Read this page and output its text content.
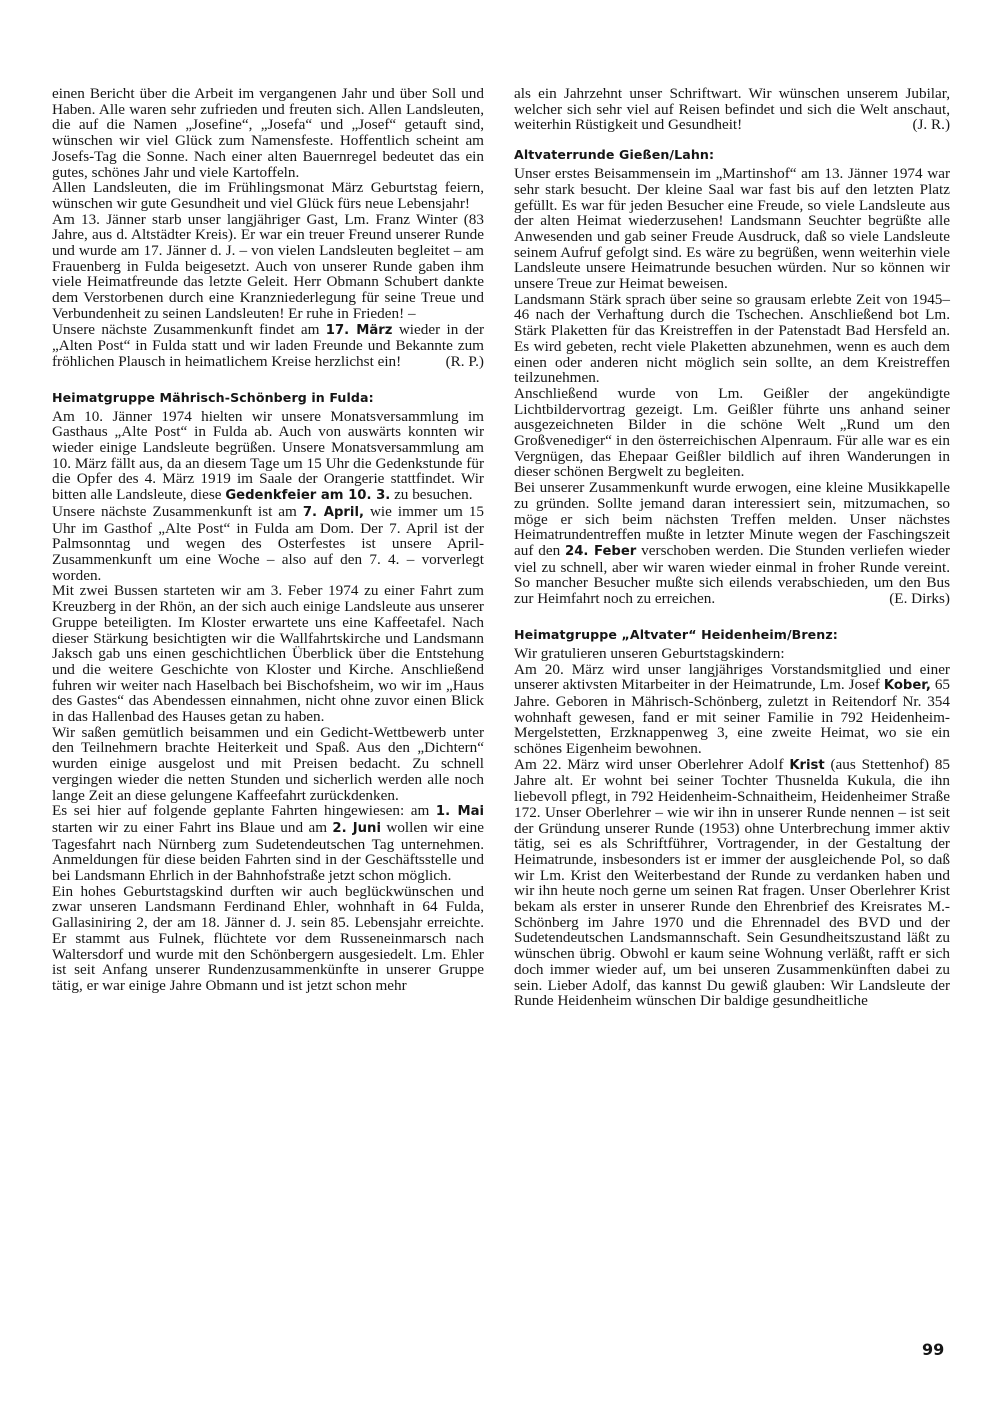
einen Bericht über die Arbeit im vergangenen Jahr und über Soll und Haben. Alle waren sehr zufrieden und freuten sich. Allen Landsleuten, die auf die Namen „Josefine“, „Josefa“ und „Josef“ getauft sind, wünschen wir viel Glück zum Namensfeste. Hoffentlich scheint am Josefs-Tag die Sonne. Nach einer alten Bauernregel bedeutet das ein gutes, schönes Jahr und viele Kartoffeln.

Allen Landsleuten, die im Frühlingsmonat März Geburtstag feiern, wünschen wir gute Gesundheit und viel Glück fürs neue Lebensjahr!

Am 13. Jänner starb unser langjähriger Gast, Lm. Franz Winter (83 Jahre, aus d. Altstädter Kreis). Er war ein treuer Freund unserer Runde und wurde am 17. Jänner d. J. – von vielen Landsleuten begleitet – am Frauenberg in Fulda beigesetzt. Auch von unserer Runde gaben ihm viele Heimatfreunde das letzte Geleit. Herr Obmann Schubert dankte dem Verstorbenen durch eine Kranzniederlegung für seine Treue und Verbundenheit zu seinen Landsleuten! Er ruhe in Frieden! –

Unsere nächste Zusammenkunft findet am 17. März wieder in der „Alten Post“ in Fulda statt und wir laden Freunde und Bekannte zum fröhlichen Plausch in heimatlichem Kreise herzlichst ein!	(R. P.)

Heimatgruppe Mährisch-Schönberg in Fulda:

Am 10. Jänner 1974 hielten wir unsere Monatsversammlung im Gasthaus „Alte Post“ in Fulda ab. Auch von auswärts konnten wir wieder einige Landsleute begrüßen. Unsere Monatsversammlung am 10. März fällt aus, da an diesem Tage um 15 Uhr die Gedenkstunde für die Opfer des 4. März 1919 im Saale der Orangerie stattfindet. Wir bitten alle Landsleute, diese Gedenkfeier am 10. 3. zu besuchen.

Unsere nächste Zusammenkunft ist am 7. April, wie immer um 15 Uhr im Gasthof „Alte Post“ in Fulda am Dom. Der 7. April ist der Palmsonntag und wegen des Osterfestes ist unsere April-Zusammenkunft um eine Woche – also auf den 7. 4. – vorverlegt worden.

Mit zwei Bussen starteten wir am 3. Feber 1974 zu einer Fahrt zum Kreuzberg in der Rhön, an der sich auch einige Landsleute aus unserer Gruppe beteiligten. Im Kloster erwartete uns eine Kaffeetafel. Nach dieser Stärkung besichtigten wir die Wallfahrtskirche und Landsmann Jaksch gab uns einen geschichtlichen Überblick über die Entstehung und die weitere Geschichte von Kloster und Kirche. Anschließend fuhren wir weiter nach Haselbach bei Bischofsheim, wo wir im „Haus des Gastes“ das Abendessen einnahmen, nicht ohne zuvor einen Blick in das Hallenbad des Hauses getan zu haben.

Wir saßen gemütlich beisammen und ein Gedicht-Wettbewerb unter den Teilnehmern brachte Heiterkeit und Spaß. Aus den „Dichtern“ wurden einige ausgelost und mit Preisen bedacht. Zu schnell vergingen wieder die netten Stunden und sicherlich werden alle noch lange Zeit an diese gelungene Kaffeefahrt zurückdenken.

Es sei hier auf folgende geplante Fahrten hingewiesen: am 1. Mai starten wir zu einer Fahrt ins Blaue und am 2. Juni wollen wir eine Tagesfahrt nach Nürnberg zum Sudetendeutschen Tag unternehmen. Anmeldungen für diese beiden Fahrten sind in der Geschäftsstelle und bei Landsmann Ehrlich in der Bahnhofstraße jetzt schon möglich.

Ein hohes Geburtstagskind durften wir auch beglückwünschen und zwar unseren Landsmann Ferdinand Ehler, wohnhaft in 64 Fulda, Gallasiniring 2, der am 18. Jänner d. J. sein 85. Lebensjahr erreichte. Er stammt aus Fulnek, flüchtete vor dem Russeneinmarsch nach Waltersdorf und wurde mit den Schönbergern ausgesiedelt. Lm. Ehler ist seit Anfang unserer Rundenzusammenkünfte in unserer Gruppe tätig, er war einige Jahre Obmann und ist jetzt schon mehr

als ein Jahrzehnt unser Schriftwart. Wir wünschen unserem Jubilar, welcher sich sehr viel auf Reisen befindet und sich die Welt anschaut, weiterhin Rüstigkeit und Gesundheit!	(J. R.)

Altvaterrunde Gießen/Lahn:

Unser erstes Beisammensein im „Martinshof“ am 13. Jänner 1974 war sehr stark besucht. Der kleine Saal war fast bis auf den letzten Platz gefüllt. Es war für jeden Besucher eine Freude, so viele Landsleute aus der alten Heimat wiederzusehen! Landsmann Seuchter begrüßte alle Anwesenden und gab seiner Freude Ausdruck, daß so viele Landsleute seinem Aufruf gefolgt sind. Es wäre zu begrüßen, wenn weiterhin viele Landsleute unsere Heimatrunde besuchen würden. Nur so können wir unsere Treue zur Heimat beweisen.

Landsmann Stärk sprach über seine so grausam erlebte Zeit von 1945–46 nach der Verhaftung durch die Tschechen. Anschließend bot Lm. Stärk Plaketten für das Kreistreffen in der Patenstadt Bad Hersfeld an. Es wird gebeten, recht viele Plaketten abzunehmen, wenn es auch dem einen oder anderen nicht möglich sein sollte, an dem Kreistreffen teilzunehmen.

Anschließend wurde von Lm. Geißler der angekündigte Lichtbildervortrag gezeigt. Lm. Geißler führte uns anhand seiner ausgezeichneten Bilder in die schöne Welt „Rund um den Großvenediger“ in den österreichischen Alpenraum. Für alle war es ein Vergnügen, das Ehepaar Geißler bildlich auf ihren Wanderungen in dieser schönen Bergwelt zu begleiten.

Bei unserer Zusammenkunft wurde erwogen, eine kleine Musikkapelle zu gründen. Sollte jemand daran interessiert sein, mitzumachen, so möge er sich beim nächsten Treffen melden. Unser nächstes Heimatrundentreffen mußte in letzter Minute wegen der Faschingszeit auf den 24. Feber verschoben werden. Die Stunden verliefen wieder viel zu schnell, aber wir waren wieder einmal in froher Runde vereint. So mancher Besucher mußte sich eilends verabschieden, um den Bus zur Heimfahrt noch zu erreichen.	(E. Dirks)

Heimatgruppe „Altvater“ Heidenheim/Brenz:

Wir gratulieren unseren Geburtstagskindern:

Am 20. März wird unser langjähriges Vorstandsmitglied und einer unserer aktivsten Mitarbeiter in der Heimatrunde, Lm. Josef Kober, 65 Jahre. Geboren in Mährisch-Schönberg, zuletzt in Reitendorf Nr. 354 wohnhaft gewesen, fand er mit seiner Familie in 792 Heidenheim-Mergelstetten, Erzknappenweg 3, eine zweite Heimat, wo sie ein schönes Eigenheim bewohnen.

Am 22. März wird unser Oberlehrer Adolf Krist (aus Stettenhof) 85 Jahre alt. Er wohnt bei seiner Tochter Thusnelda Kukula, die ihn liebevoll pflegt, in 792 Heidenheim-Schnaitheim, Heidenheimer Straße 172. Unser Oberlehrer – wie wir ihn in unserer Runde nennen – ist seit der Gründung unserer Runde (1953) ohne Unterbrechung immer aktiv tätig, sei es als Schriftführer, Vortragender, in der Gestaltung der Heimatrunde, insbesonders ist er immer der ausgleichende Pol, so daß wir Lm. Krist den Weiterbestand der Runde zu verdanken haben und wir ihn heute noch gerne um seinen Rat fragen. Unser Oberlehrer Krist bekam als erster in unserer Runde den Ehrenbrief des Kreisrates M.-Schönberg im Jahre 1970 und die Ehrennadel des BVD und der Sudetendeutschen Landsmannschaft. Sein Gesundheitszustand läßt zu wünschen übrig. Obwohl er kaum seine Wohnung verläßt, rafft er sich doch immer wieder auf, um bei unseren Zusammenkünften dabei zu sein. Lieber Adolf, das kannst Du gewiß glauben: Wir Landsleute der Runde Heidenheim wünschen Dir baldige gesundheitliche

99
